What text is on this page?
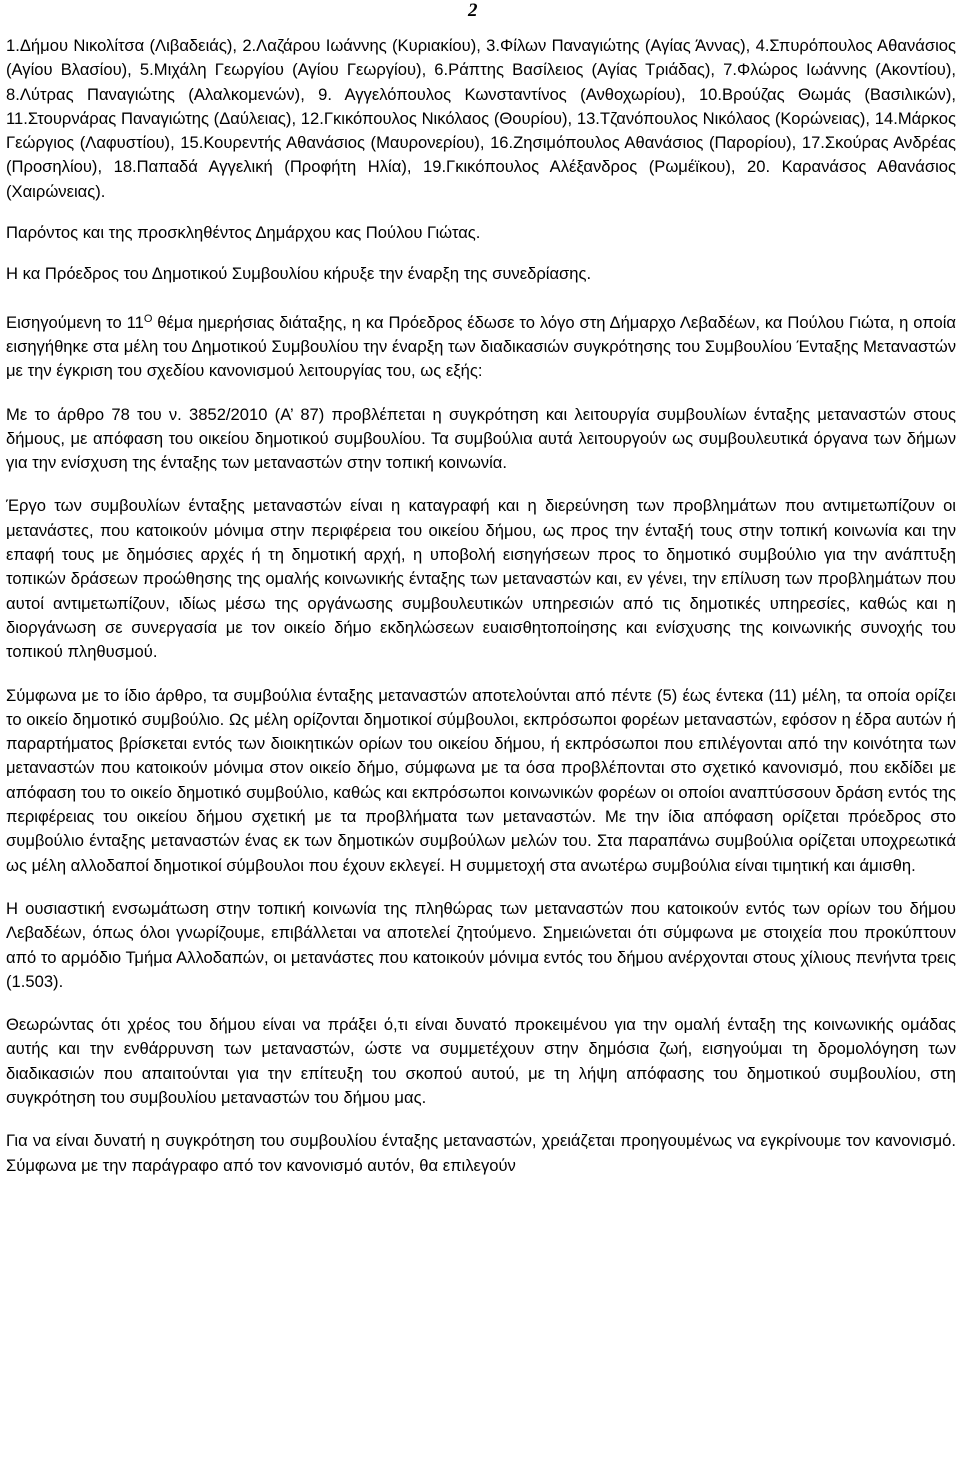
2

1.Δήμου Νικολίτσα (Λιβαδειάς), 2.Λαζάρου Ιωάννης (Κυριακίου), 3.Φίλων Παναγιώτης (Αγίας Άννας), 4.Σπυρόπουλος Αθανάσιος (Αγίου Βλασίου), 5.Μιχάλη Γεωργίου (Αγίου Γεωργίου), 6.Ράπτης Βασίλειος (Αγίας Τριάδας), 7.Φλώρος Ιωάννης (Ακοντίου), 8.Λύτρας Παναγιώτης (Αλαλκομενών), 9. Αγγελόπουλος Κωνσταντίνος (Ανθοχωρίου), 10.Βρούζας Θωμάς (Βασιλικών), 11.Στουρνάρας Παναγιώτης (Δαύλειας), 12.Γκικόπουλος Νικόλαος (Θουρίου), 13.Τζανόπουλος Νικόλαος (Κορώνειας), 14.Μάρκος Γεώργιος (Λαφυστίου), 15.Κουρεντής Αθανάσιος (Μαυρονερίου), 16.Ζησιμόπουλος Αθανάσιος (Παρορίου), 17.Σκούρας Ανδρέας (Προσηλίου), 18.Παπαδά Αγγελική (Προφήτη Ηλία), 19.Γκικόπουλος Αλέξανδρος (Ρωμέϊκου), 20. Καρανάσος Αθανάσιος (Χαιρώνειας).

Παρόντος και της προσκληθέντος Δημάρχου κας Πούλου Γιώτας.

Η κα Πρόεδρος του Δημοτικού Συμβουλίου κήρυξε την έναρξη της συνεδρίασης.

Εισηγούμενη το $11^O$ θέμα ημερήσιας διάταξης, η κα Πρόεδρος έδωσε το λόγο στη Δήμαρχο Λεβαδέων, κα Πούλου Γιώτα, η οποία εισηγήθηκε στα μέλη του Δημοτικού Συμβουλίου την έναρξη των διαδικασιών συγκρότησης του Συμβουλίου Ένταξης Μεταναστών με την έγκριση του σχεδίου κανονισμού λειτουργίας του, ως εξής:

Με το άρθρο 78 του ν. 3852/2010 (Α’ 87) προβλέπεται η συγκρότηση και λειτουργία συμβουλίων ένταξης μεταναστών στους δήμους, με απόφαση του οικείου δημοτικού συμβουλίου. Τα συμβούλια αυτά λειτουργούν ως συμβουλευτικά όργανα των δήμων για την ενίσχυση της ένταξης των μεταναστών στην τοπική κοινωνία.

Έργο των συμβουλίων ένταξης μεταναστών είναι η καταγραφή και η διερεύνηση των προβλημάτων που αντιμετωπίζουν οι μετανάστες, που κατοικούν μόνιμα στην περιφέρεια του οικείου δήμου, ως προς την ένταξή τους στην τοπική κοινωνία και την επαφή τους με δημόσιες αρχές ή τη δημοτική αρχή, η υποβολή εισηγήσεων προς το δημοτικό συμβούλιο για την ανάπτυξη τοπικών δράσεων προώθησης της ομαλής κοινωνικής ένταξης των μεταναστών και, εν γένει, την επίλυση των προβλημάτων που αυτοί αντιμετωπίζουν, ιδίως μέσω της οργάνωσης συμβουλευτικών υπηρεσιών από τις δημοτικές υπηρεσίες, καθώς και η διοργάνωση σε συνεργασία με τον οικείο δήμο εκδηλώσεων ευαισθητοποίησης και ενίσχυσης της κοινωνικής συνοχής του τοπικού πληθυσμού.

Σύμφωνα με το ίδιο άρθρο, τα συμβούλια ένταξης μεταναστών αποτελούνται από πέντε (5) έως έντεκα (11) μέλη, τα οποία ορίζει το οικείο δημοτικό συμβούλιο. Ως μέλη ορίζονται δημοτικοί σύμβουλοι, εκπρόσωποι φορέων μεταναστών, εφόσον η έδρα αυτών ή παραρτήματος βρίσκεται εντός των διοικητικών ορίων του οικείου δήμου, ή εκπρόσωποι που επιλέγονται από την κοινότητα των μεταναστών που κατοικούν μόνιμα στον οικείο δήμο, σύμφωνα με τα όσα προβλέπονται στο σχετικό κανονισμό, που εκδίδει με απόφαση του το οικείο δημοτικό συμβούλιο, καθώς και εκπρόσωποι κοινωνικών φορέων οι οποίοι αναπτύσσουν δράση εντός της περιφέρειας του οικείου δήμου σχετική με τα προβλήματα των μεταναστών. Με την ίδια απόφαση ορίζεται πρόεδρος στο συμβούλιο ένταξης μεταναστών ένας εκ των δημοτικών συμβούλων μελών του. Στα παραπάνω συμβούλια ορίζεται υποχρεωτικά ως μέλη αλλοδαποί δημοτικοί σύμβουλοι που έχουν εκλεγεί. Η συμμετοχή στα ανωτέρω συμβούλια είναι τιμητική και άμισθη.

Η ουσιαστική ενσωμάτωση στην τοπική κοινωνία της πληθώρας των μεταναστών που κατοικούν εντός των ορίων του δήμου Λεβαδέων, όπως όλοι γνωρίζουμε, επιβάλλεται να αποτελεί ζητούμενο. Σημειώνεται ότι σύμφωνα με στοιχεία που προκύπτουν από το αρμόδιο Τμήμα Αλλοδαπών, οι μετανάστες που κατοικούν μόνιμα εντός του δήμου ανέρχονται στους χίλιους πενήντα τρεις (1.503).

Θεωρώντας ότι χρέος του δήμου είναι να πράξει ό,τι είναι δυνατό προκειμένου για την ομαλή ένταξη της κοινωνικής ομάδας αυτής και την ενθάρρυνση των μεταναστών, ώστε να συμμετέχουν στην δημόσια ζωή, εισηγούμαι τη δρομολόγηση των διαδικασιών που απαιτούνται για την επίτευξη του σκοπού αυτού, με τη λήψη απόφασης του δημοτικού συμβουλίου, στη συγκρότηση του συμβουλίου μεταναστών του δήμου μας.

Για να είναι δυνατή η συγκρότηση του συμβουλίου ένταξης μεταναστών, χρειάζεται προηγουμένως να εγκρίνουμε τον κανονισμό. Σύμφωνα με την παράγραφο από τον κανονισμό αυτόν, θα επιλεγούν
